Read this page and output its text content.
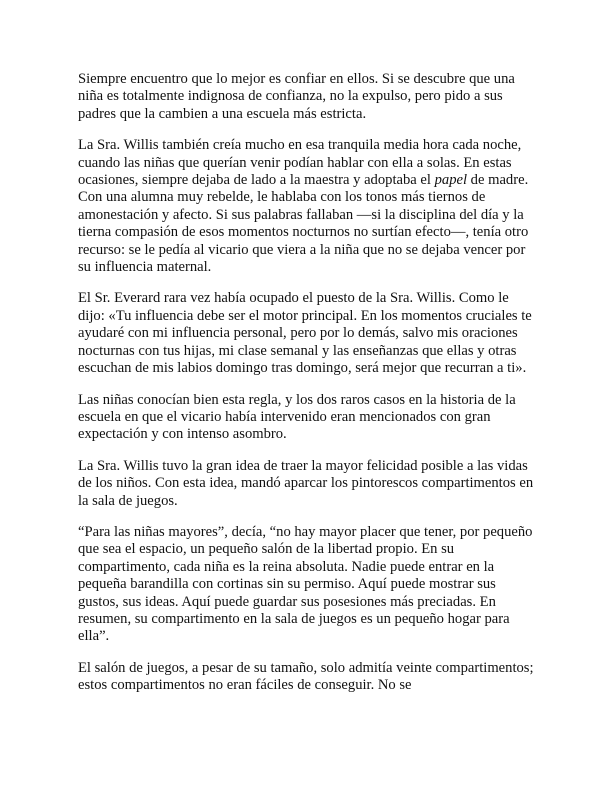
Siempre encuentro que lo mejor es confiar en ellos. Si se descubre que una niña es totalmente indignosa de confianza, no la expulso, pero pido a sus padres que la cambien a una escuela más estricta.

La Sra. Willis también creía mucho en esa tranquila media hora cada noche, cuando las niñas que querían venir podían hablar con ella a solas. En estas ocasiones, siempre dejaba de lado a la maestra y adoptaba el papel de madre. Con una alumna muy rebelde, le hablaba con los tonos más tiernos de amonestación y afecto. Si sus palabras fallaban —si la disciplina del día y la tierna compasión de esos momentos nocturnos no surtían efecto—, tenía otro recurso: se le pedía al vicario que viera a la niña que no se dejaba vencer por su influencia maternal.

El Sr. Everard rara vez había ocupado el puesto de la Sra. Willis. Como le dijo: «Tu influencia debe ser el motor principal. En los momentos cruciales te ayudaré con mi influencia personal, pero por lo demás, salvo mis oraciones nocturnas con tus hijas, mi clase semanal y las enseñanzas que ellas y otras escuchan de mis labios domingo tras domingo, será mejor que recurran a ti».

Las niñas conocían bien esta regla, y los dos raros casos en la historia de la escuela en que el vicario había intervenido eran mencionados con gran expectación y con intenso asombro.

La Sra. Willis tuvo la gran idea de traer la mayor felicidad posible a las vidas de los niños. Con esta idea, mandó aparcar los pintorescos compartimentos en la sala de juegos.

“Para las niñas mayores”, decía, “no hay mayor placer que tener, por pequeño que sea el espacio, un pequeño salón de la libertad propio. En su compartimento, cada niña es la reina absoluta. Nadie puede entrar en la pequeña barandilla con cortinas sin su permiso. Aquí puede mostrar sus gustos, sus ideas. Aquí puede guardar sus posesiones más preciadas. En resumen, su compartimento en la sala de juegos es un pequeño hogar para ella”.

El salón de juegos, a pesar de su tamaño, solo admitía veinte compartimentos; estos compartimentos no eran fáciles de conseguir. No se
